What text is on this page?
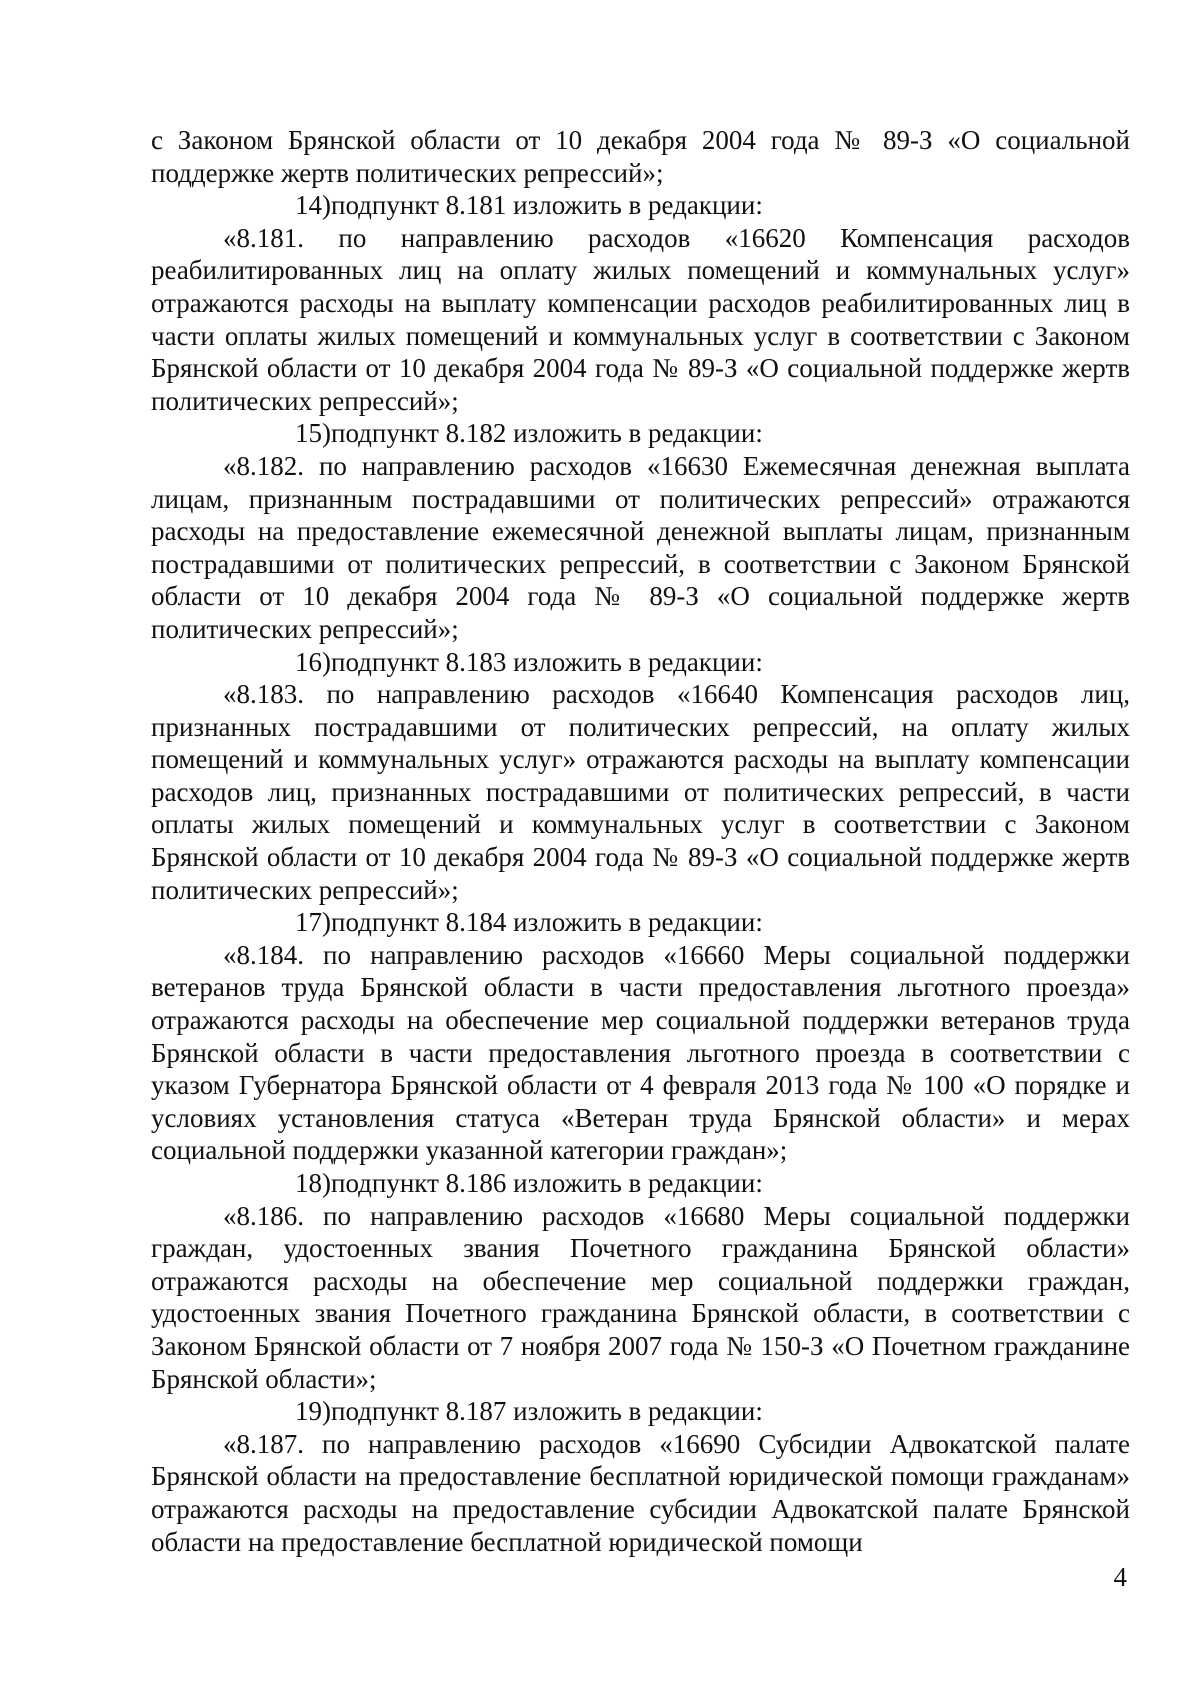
с Законом Брянской области от 10 декабря 2004 года № 89-З «О социальной поддержке жертв политических репрессий»;

14)подпункт 8.181 изложить в редакции:

«8.181. по направлению расходов «16620 Компенсация расходов реабилитированных лиц на оплату жилых помещений и коммунальных услуг» отражаются расходы на выплату компенсации расходов реабилитированных лиц в части оплаты жилых помещений и коммунальных услуг в соответствии с Законом Брянской области от 10 декабря 2004 года № 89-З «О социальной поддержке жертв политических репрессий»;

15)подпункт 8.182 изложить в редакции:

«8.182. по направлению расходов «16630 Ежемесячная денежная выплата лицам, признанным пострадавшими от политических репрессий» отражаются расходы на предоставление ежемесячной денежной выплаты лицам, признанным пострадавшими от политических репрессий, в соответствии с Законом Брянской области от 10 декабря 2004 года № 89-З «О социальной поддержке жертв политических репрессий»;

16)подпункт 8.183 изложить в редакции:

«8.183. по направлению расходов «16640 Компенсация расходов лиц, признанных пострадавшими от политических репрессий, на оплату жилых помещений и коммунальных услуг» отражаются расходы на выплату компенсации расходов лиц, признанных пострадавшими от политических репрессий, в части оплаты жилых помещений и коммунальных услуг в соответствии с Законом Брянской области от 10 декабря 2004 года № 89-З «О социальной поддержке жертв политических репрессий»;

17)подпункт 8.184 изложить в редакции:

«8.184. по направлению расходов «16660 Меры социальной поддержки ветеранов труда Брянской области в части предоставления льготного проезда» отражаются расходы на обеспечение мер социальной поддержки ветеранов труда Брянской области в части предоставления льготного проезда в соответствии с указом Губернатора Брянской области от 4 февраля 2013 года № 100 «О порядке и условиях установления статуса «Ветеран труда Брянской области» и мерах социальной поддержки указанной категории граждан»;

18)подпункт 8.186 изложить в редакции:

«8.186. по направлению расходов «16680 Меры социальной поддержки граждан, удостоенных звания Почетного гражданина Брянской области» отражаются расходы на обеспечение мер социальной поддержки граждан, удостоенных звания Почетного гражданина Брянской области, в соответствии с Законом Брянской области от 7 ноября 2007 года № 150-З «О Почетном гражданине Брянской области»;

19)подпункт 8.187 изложить в редакции:

«8.187. по направлению расходов «16690 Субсидии Адвокатской палате Брянской области на предоставление бесплатной юридической помощи гражданам» отражаются расходы на предоставление субсидии Адвокатской палате Брянской области на предоставление бесплатной юридической помощи

4
